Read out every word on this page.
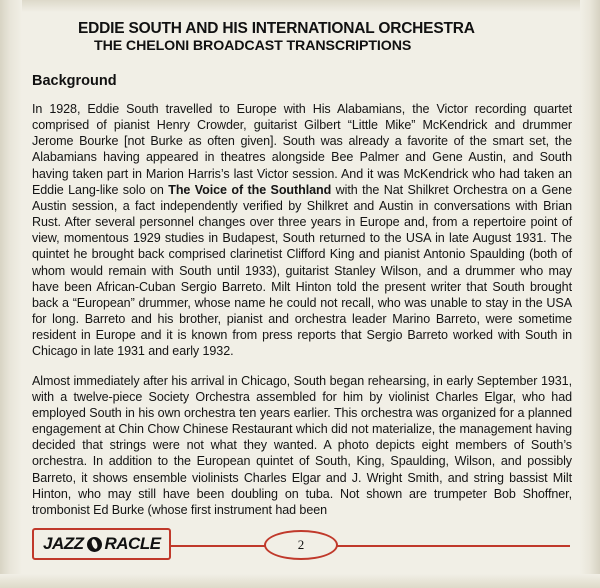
EDDIE SOUTH AND HIS INTERNATIONAL ORCHESTRA
THE CHELONI BROADCAST TRANSCRIPTIONS
Background

In 1928, Eddie South travelled to Europe with His Alabamians, the Victor recording quartet comprised of pianist Henry Crowder, guitarist Gilbert “Little Mike” McKendrick and drummer Jerome Bourke [not Burke as often given]. South was already a favorite of the smart set, the Alabamians having appeared in theatres alongside Bee Palmer and Gene Austin, and South having taken part in Marion Harris’s last Victor session. And it was McKendrick who had taken an Eddie Lang-like solo on The Voice of the Southland with the Nat Shilkret Orchestra on a Gene Austin session, a fact independently verified by Shilkret and Austin in conversations with Brian Rust. After several personnel changes over three years in Europe and, from a repertoire point of view, momentous 1929 studies in Budapest, South returned to the USA in late August 1931. The quintet he brought back comprised clarinetist Clifford King and pianist Antonio Spaulding (both of whom would remain with South until 1933), guitarist Stanley Wilson, and a drummer who may have been African-Cuban Sergio Barreto. Milt Hinton told the present writer that South brought back a “European” drummer, whose name he could not recall, who was unable to stay in the USA for long. Barreto and his brother, pianist and orchestra leader Marino Barreto, were sometime resident in Europe and it is known from press reports that Sergio Barreto worked with South in Chicago in late 1931 and early 1932.

Almost immediately after his arrival in Chicago, South began rehearsing, in early September 1931, with a twelve-piece Society Orchestra assembled for him by violinist Charles Elgar, who had employed South in his own orchestra ten years earlier. This orchestra was organized for a planned engagement at Chin Chow Chinese Restaurant which did not materialize, the management having decided that strings were not what they wanted. A photo depicts eight members of South’s orchestra. In addition to the European quintet of South, King, Spaulding, Wilson, and possibly Barreto, it shows ensemble violinists Charles Elgar and J. Wright Smith, and string bassist Milt Hinton, who may still have been doubling on tuba. Not shown are trumpeter Bob Shoffner, trombonist Ed Burke (whose first instrument had been

JAZZ RACLE	2
